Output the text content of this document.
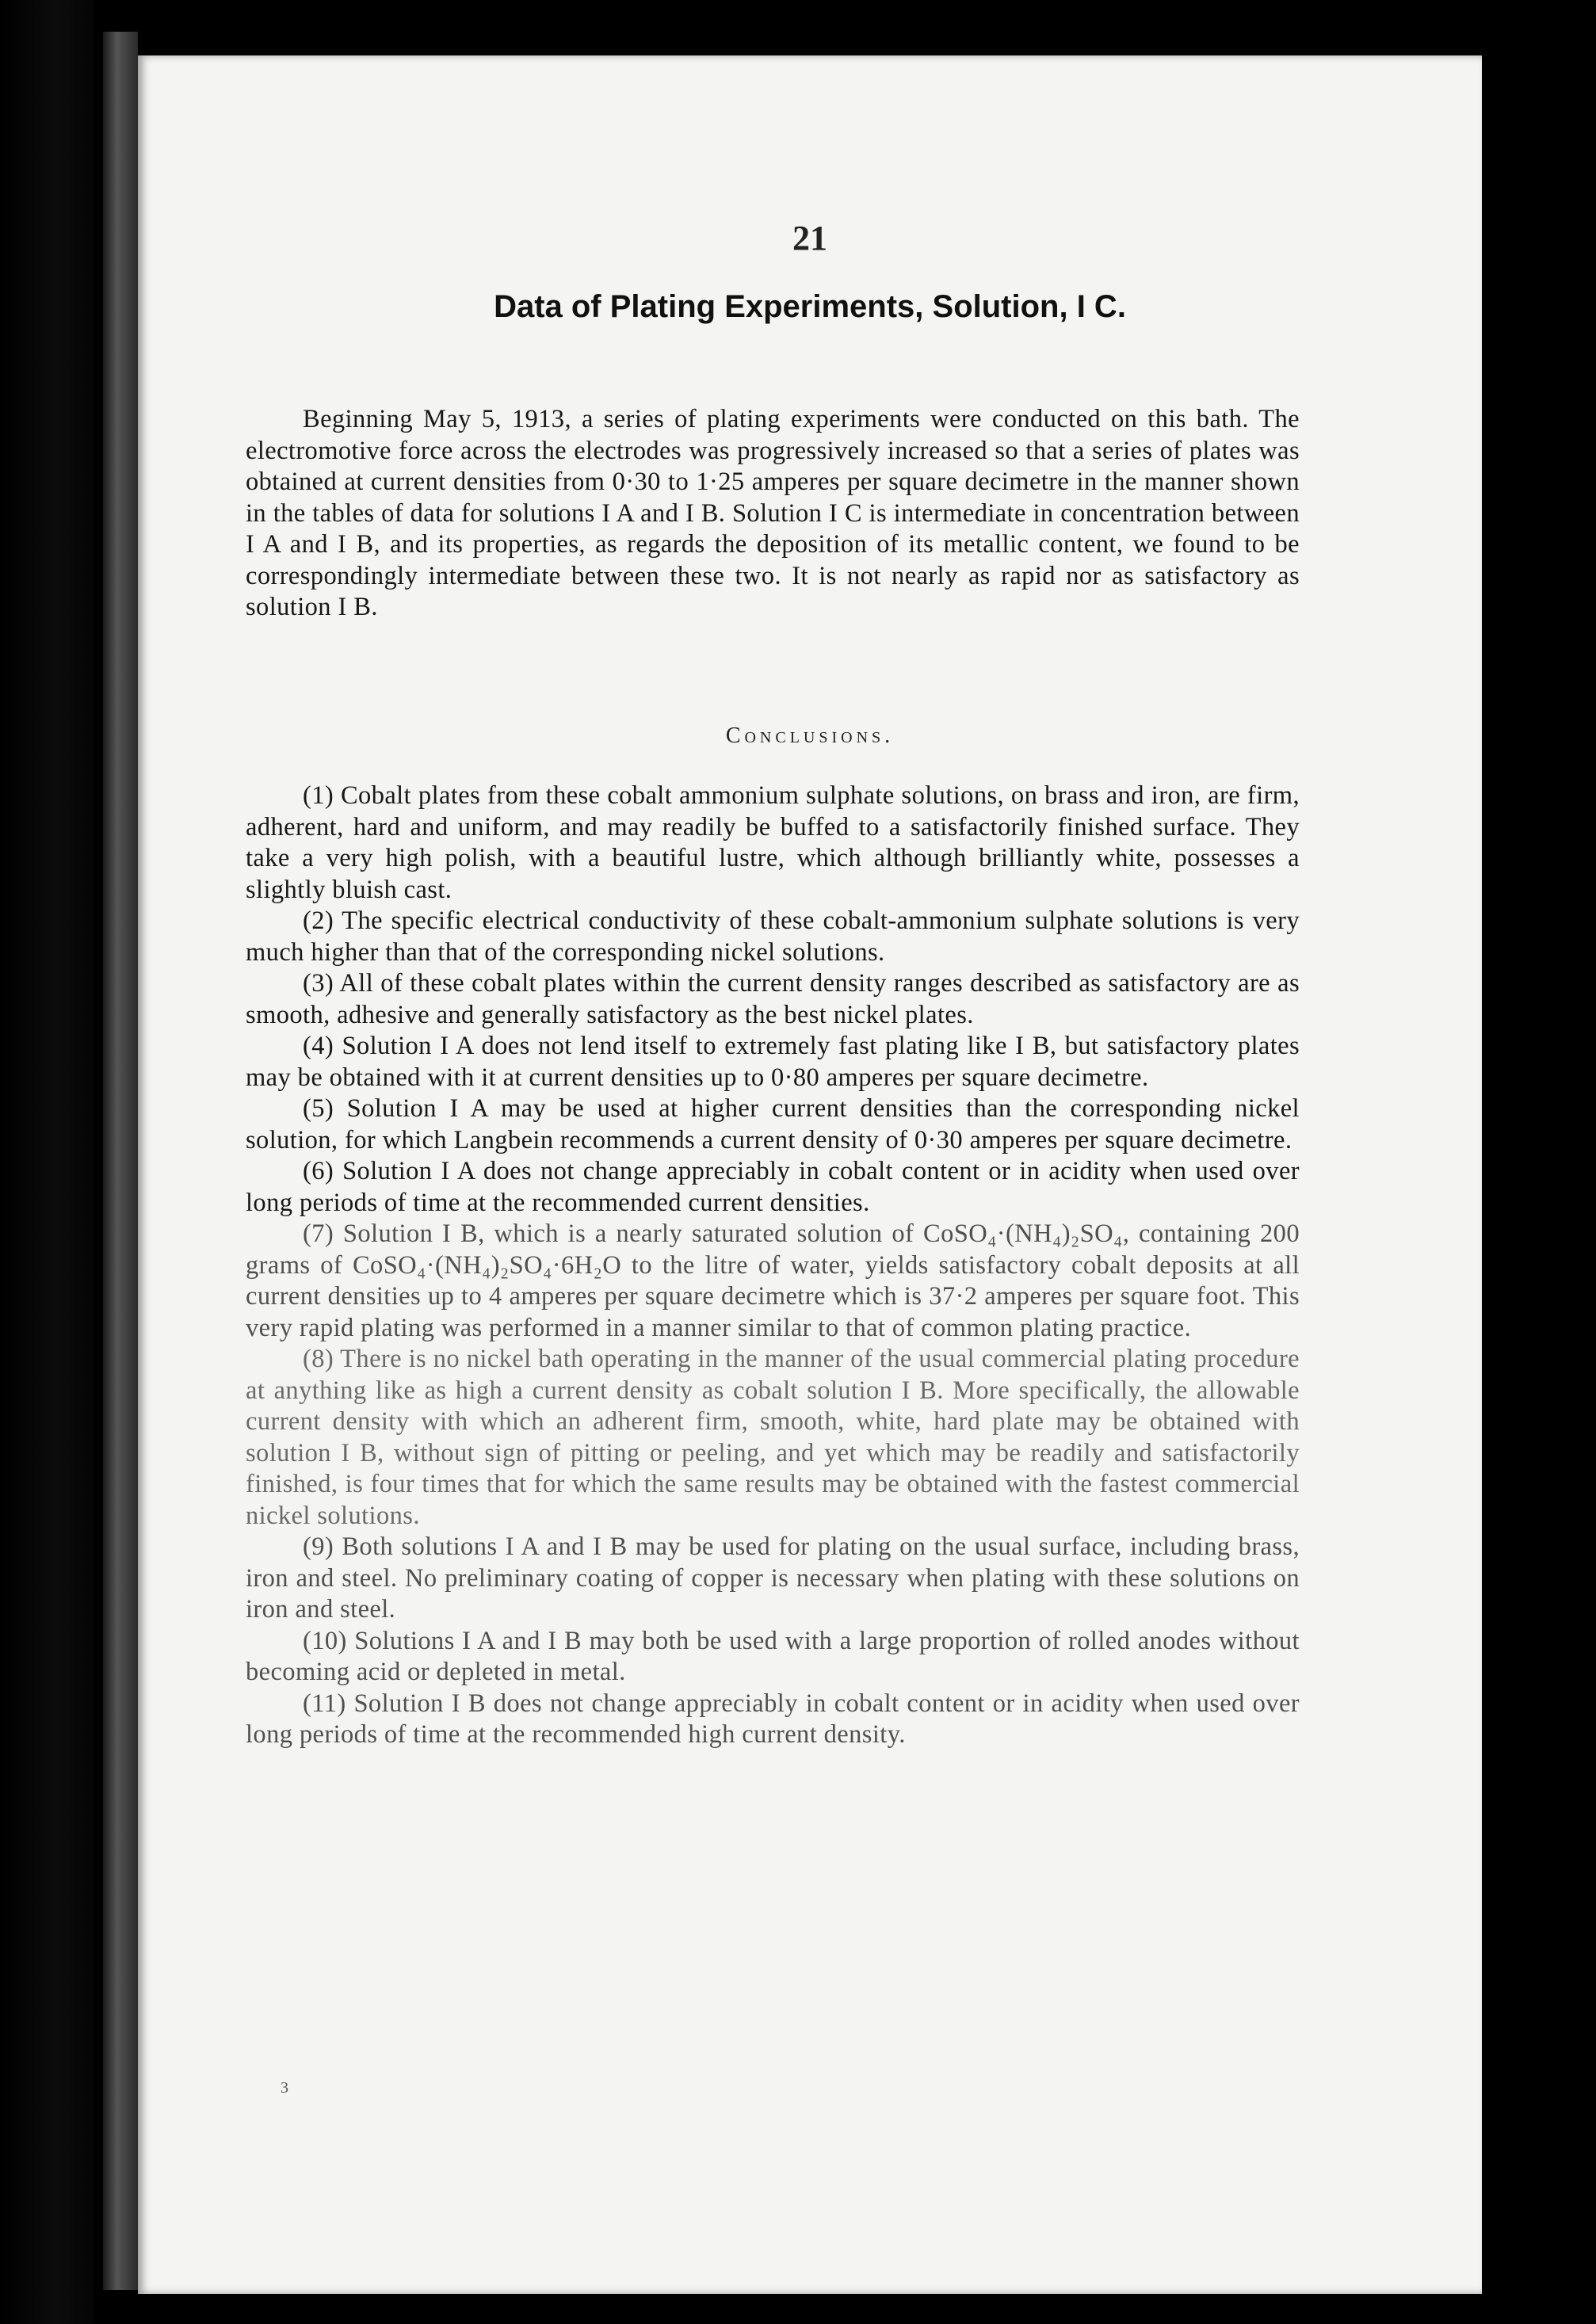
21
Data of Plating Experiments, Solution, I C.

Beginning May 5, 1913, a series of plating experiments were conducted on this bath. The electromotive force across the electrodes was progressively increased so that a series of plates was obtained at current densities from 0·30 to 1·25 amperes per square decimetre in the manner shown in the tables of data for solutions I A and I B. Solution I C is intermediate in concentration between I A and I B, and its properties, as regards the deposition of its metallic content, we found to be correspondingly intermediate between these two. It is not nearly as rapid nor as satisfactory as solution I B.

Conclusions.

(1) Cobalt plates from these cobalt ammonium sulphate solutions, on brass and iron, are firm, adherent, hard and uniform, and may readily be buffed to a satisfactorily finished surface. They take a very high polish, with a beautiful lustre, which although brilliantly white, possesses a slightly bluish cast.

(2) The specific electrical conductivity of these cobalt-ammonium sulphate solutions is very much higher than that of the corresponding nickel solutions.

(3) All of these cobalt plates within the current density ranges described as satisfactory are as smooth, adhesive and generally satisfactory as the best nickel plates.

(4) Solution I A does not lend itself to extremely fast plating like I B, but satisfactory plates may be obtained with it at current densities up to 0·80 amperes per square decimetre.

(5) Solution I A may be used at higher current densities than the corresponding nickel solution, for which Langbein recommends a current density of 0·30 amperes per square decimetre.

(6) Solution I A does not change appreciably in cobalt content or in acidity when used over long periods of time at the recommended current densities.

(7) Solution I B, which is a nearly saturated solution of CoSO₄·(NH₄)₂SO₄, containing 200 grams of CoSO₄·(NH₄)₂SO₄·6H₂O to the litre of water, yields satisfactory cobalt deposits at all current densities up to 4 amperes per square decimetre which is 37·2 amperes per square foot. This very rapid plating was performed in a manner similar to that of common plating practice.

(8) There is no nickel bath operating in the manner of the usual commercial plating procedure at anything like as high a current density as cobalt solution I B. More specifically, the allowable current density with which an adherent firm, smooth, white, hard plate may be obtained with solution I B, without sign of pitting or peeling, and yet which may be readily and satisfactorily finished, is four times that for which the same results may be obtained with the fastest commercial nickel solutions.

(9) Both solutions I A and I B may be used for plating on the usual surface, including brass, iron and steel. No preliminary coating of copper is necessary when plating with these solutions on iron and steel.

(10) Solutions I A and I B may both be used with a large proportion of rolled anodes without becoming acid or depleted in metal.

(11) Solution I B does not change appreciably in cobalt content or in acidity when used over long periods of time at the recommended high current density.

3
